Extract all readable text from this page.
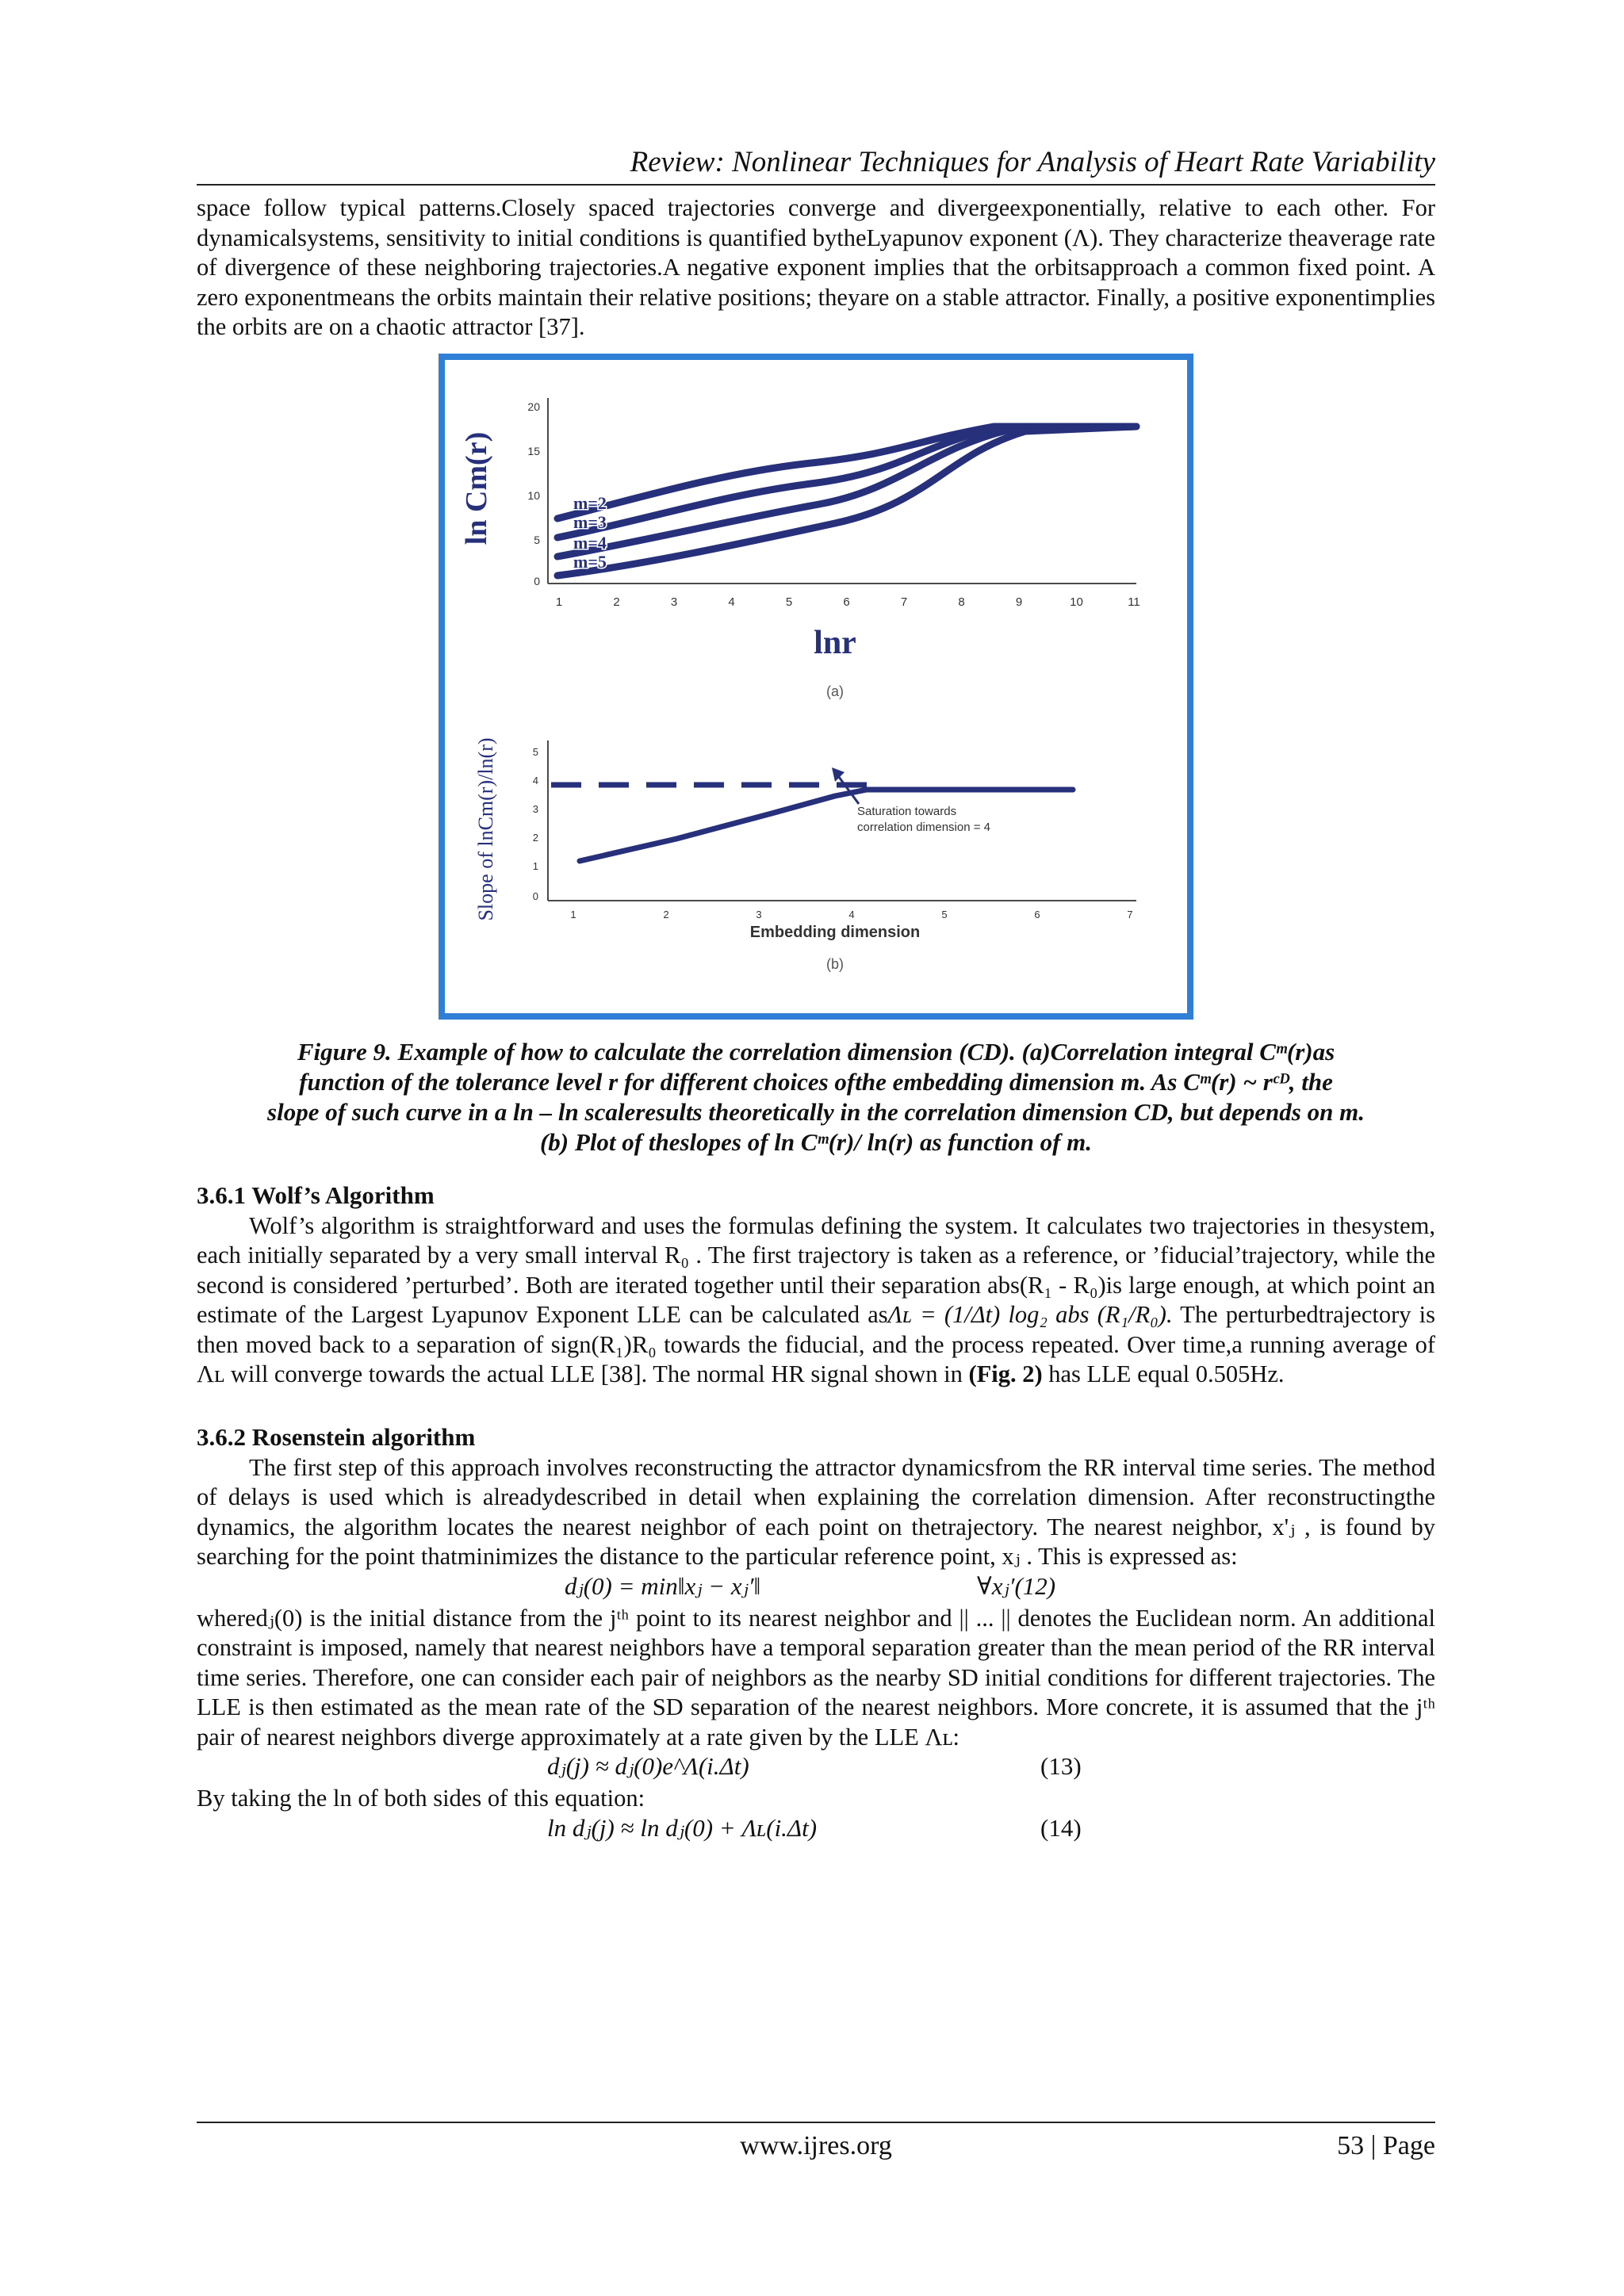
Review: Nonlinear Techniques for Analysis of Heart Rate Variability

space follow typical patterns.Closely spaced trajectories converge and divergeexponentially, relative to each other. For dynamicalsystems, sensitivity to initial conditions is quantified bytheLyapunov exponent (Λ). They characterize theaverage rate of divergence of these neighboring trajectories.A negative exponent implies that the orbitsapproach a common fixed point. A zero exponentmeans the orbits maintain their relative positions; theyare on a stable attractor. Finally, a positive exponentimplies the orbits are on a chaotic attractor [37].

20
15
10
5
0
1	2	3	4	5	6	7	8	9	10	11
m=2
m=3
m=4
m=5
ln Cm(r)
lnr
(a)
5
4
3
2
1
0
1	2	3	4	5	6	7
Slope of lnCm(r)/ln(r)
Embedding dimension
(b)
Saturation towards
correlation dimension = 4
Figure 9. Example of how to calculate the correlation dimension (CD). (a)Correlation integral Cᵐ(r)as
function of the tolerance level r for different choices ofthe embedding dimension m. As Cᵐ(r) ~ rᶜᴰ, the
slope of such curve in a ln – ln scaleresults theoretically in the correlation dimension CD, but depends on m.
(b) Plot of theslopes of ln Cᵐ(r)/ ln(r) as function of m.
3.6.1 Wolf’s Algorithm

Wolf’s algorithm is straightforward and uses the formulas defining the system. It calculates two trajectories in thesystem, each initially separated by a very small interval R₀ . The first trajectory is taken as a reference, or ’fiducial’trajectory, while the second is considered ’perturbed’. Both are iterated together until their separation abs(R₁ - R₀)is large enough, at which point an estimate of the Largest Lyapunov Exponent LLE can be calculated asΛʟ = (1/Δt) log₂ abs (R₁/R₀). The perturbedtrajectory is then moved back to a separation of sign(R₁)R₀ towards the fiducial, and the process repeated. Over time,a running average of Λʟ will converge towards the actual LLE [38]. The normal HR signal shown in (Fig. 2) has LLE equal 0.505Hz.

3.6.2 Rosenstein algorithm

The first step of this approach involves reconstructing the attractor dynamicsfrom the RR interval time series. The method of delays is used which is alreadydescribed in detail when explaining the correlation dimension. After reconstructingthe dynamics, the algorithm locates the nearest neighbor of each point on thetrajectory. The nearest neighbor, x'ⱼ , is found by searching for the point thatminimizes the distance to the particular reference point, xⱼ . This is expressed as:

dⱼ(0) = min‖xⱼ − xⱼ′‖	∀xⱼ′(12)

wheredⱼ(0) is the initial distance from the jᵗʰ point to its nearest neighbor and || ... || denotes the Euclidean norm. An additional constraint is imposed, namely that nearest neighbors have a temporal separation greater than the mean period of the RR interval time series. Therefore, one can consider each pair of neighbors as the nearby SD initial conditions for different trajectories. The LLE is then estimated as the mean rate of the SD separation of the nearest neighbors. More concrete, it is assumed that the jᵗʰ pair of nearest neighbors diverge approximately at a rate given by the LLE Λʟ:

dⱼ(j) ≈ dⱼ(0)e^Λ(i.Δt)	(13)

By taking the ln of both sides of this equation:

ln dⱼ(j) ≈ ln dⱼ(0) + Λʟ(i.Δt)	(14)
www.ijres.org	53 | Page
